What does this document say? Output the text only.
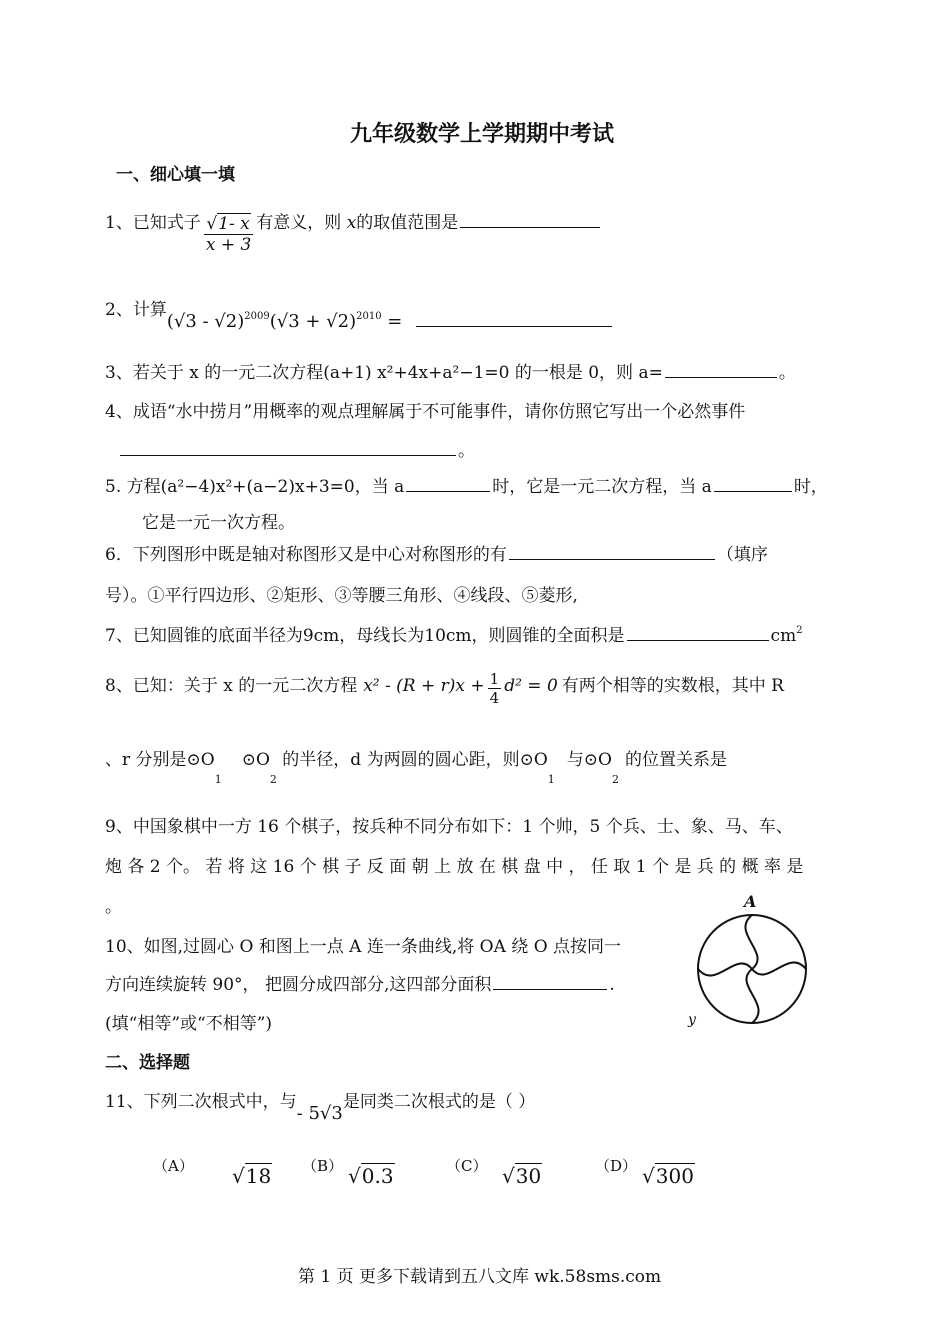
九年级数学上学期期中考试
一、细心填一填
1、已知式子 $\frac{√1- x}{x + 3}$ 有意义，则 x的取值范围是
2、计算$(√3 - √2)^{2009}(√3 + √2)^{2010}$ =
3、若关于 x 的一元二次方程(a+1) x²+4x+a²−1=0 的一根是 0，则 a=	。
4、成语“水中捞月”用概率的观点理解属于不可能事件，请你仿照它写出一个必然事件
。
5. 方程(a²−4)x²+(a−2)x+3=0，当 a	时，它是一元二次方程，当 a	时，
它是一元一次方程。
6．下列图形中既是轴对称图形又是中心对称图形的有	（填序
号）。①平行四边形、②矩形、③等腰三角形、④线段、⑤菱形,
7、已知圆锥的底面半径为9cm，母线长为10cm，则圆锥的全面积是	$cm^2$
8、已知：关于 x 的一元二次方程 $x^2 - (R + r)x + \frac{1}{4} d^2 = 0$ 有两个相等的实数根，其中 R
、r 分别是$⊙O_1⊙O_2$ 的半径，d 为两圆的圆心距，则$⊙O_1$与$⊙O_2$的位置关系是
9、中国象棋中一方 16 个棋子，按兵种不同分布如下：1 个帅，5 个兵、士、象、马、车、
炮 各 2 个。 若 将 这 16 个 棋 子 反 面 朝 上 放 在 棋 盘 中 ， 任 取 1 个 是 兵 的 概 率 是
。
10、如图,过圆心 O 和图上一点 A 连一条曲线,将 OA 绕 O 点按同一
方向连续旋转 90°， 把圆分成四部分,这四部分面积	.
(填“相等”或“不相等”)
A
y
二、选择题
11、下列二次根式中，与- 5√3是同类二次根式的是（ ）
（A） √18 （B） √0.3	（C） √30	（D） √300
第 1 页 更多下载请到五八文库 wk.58sms.com
